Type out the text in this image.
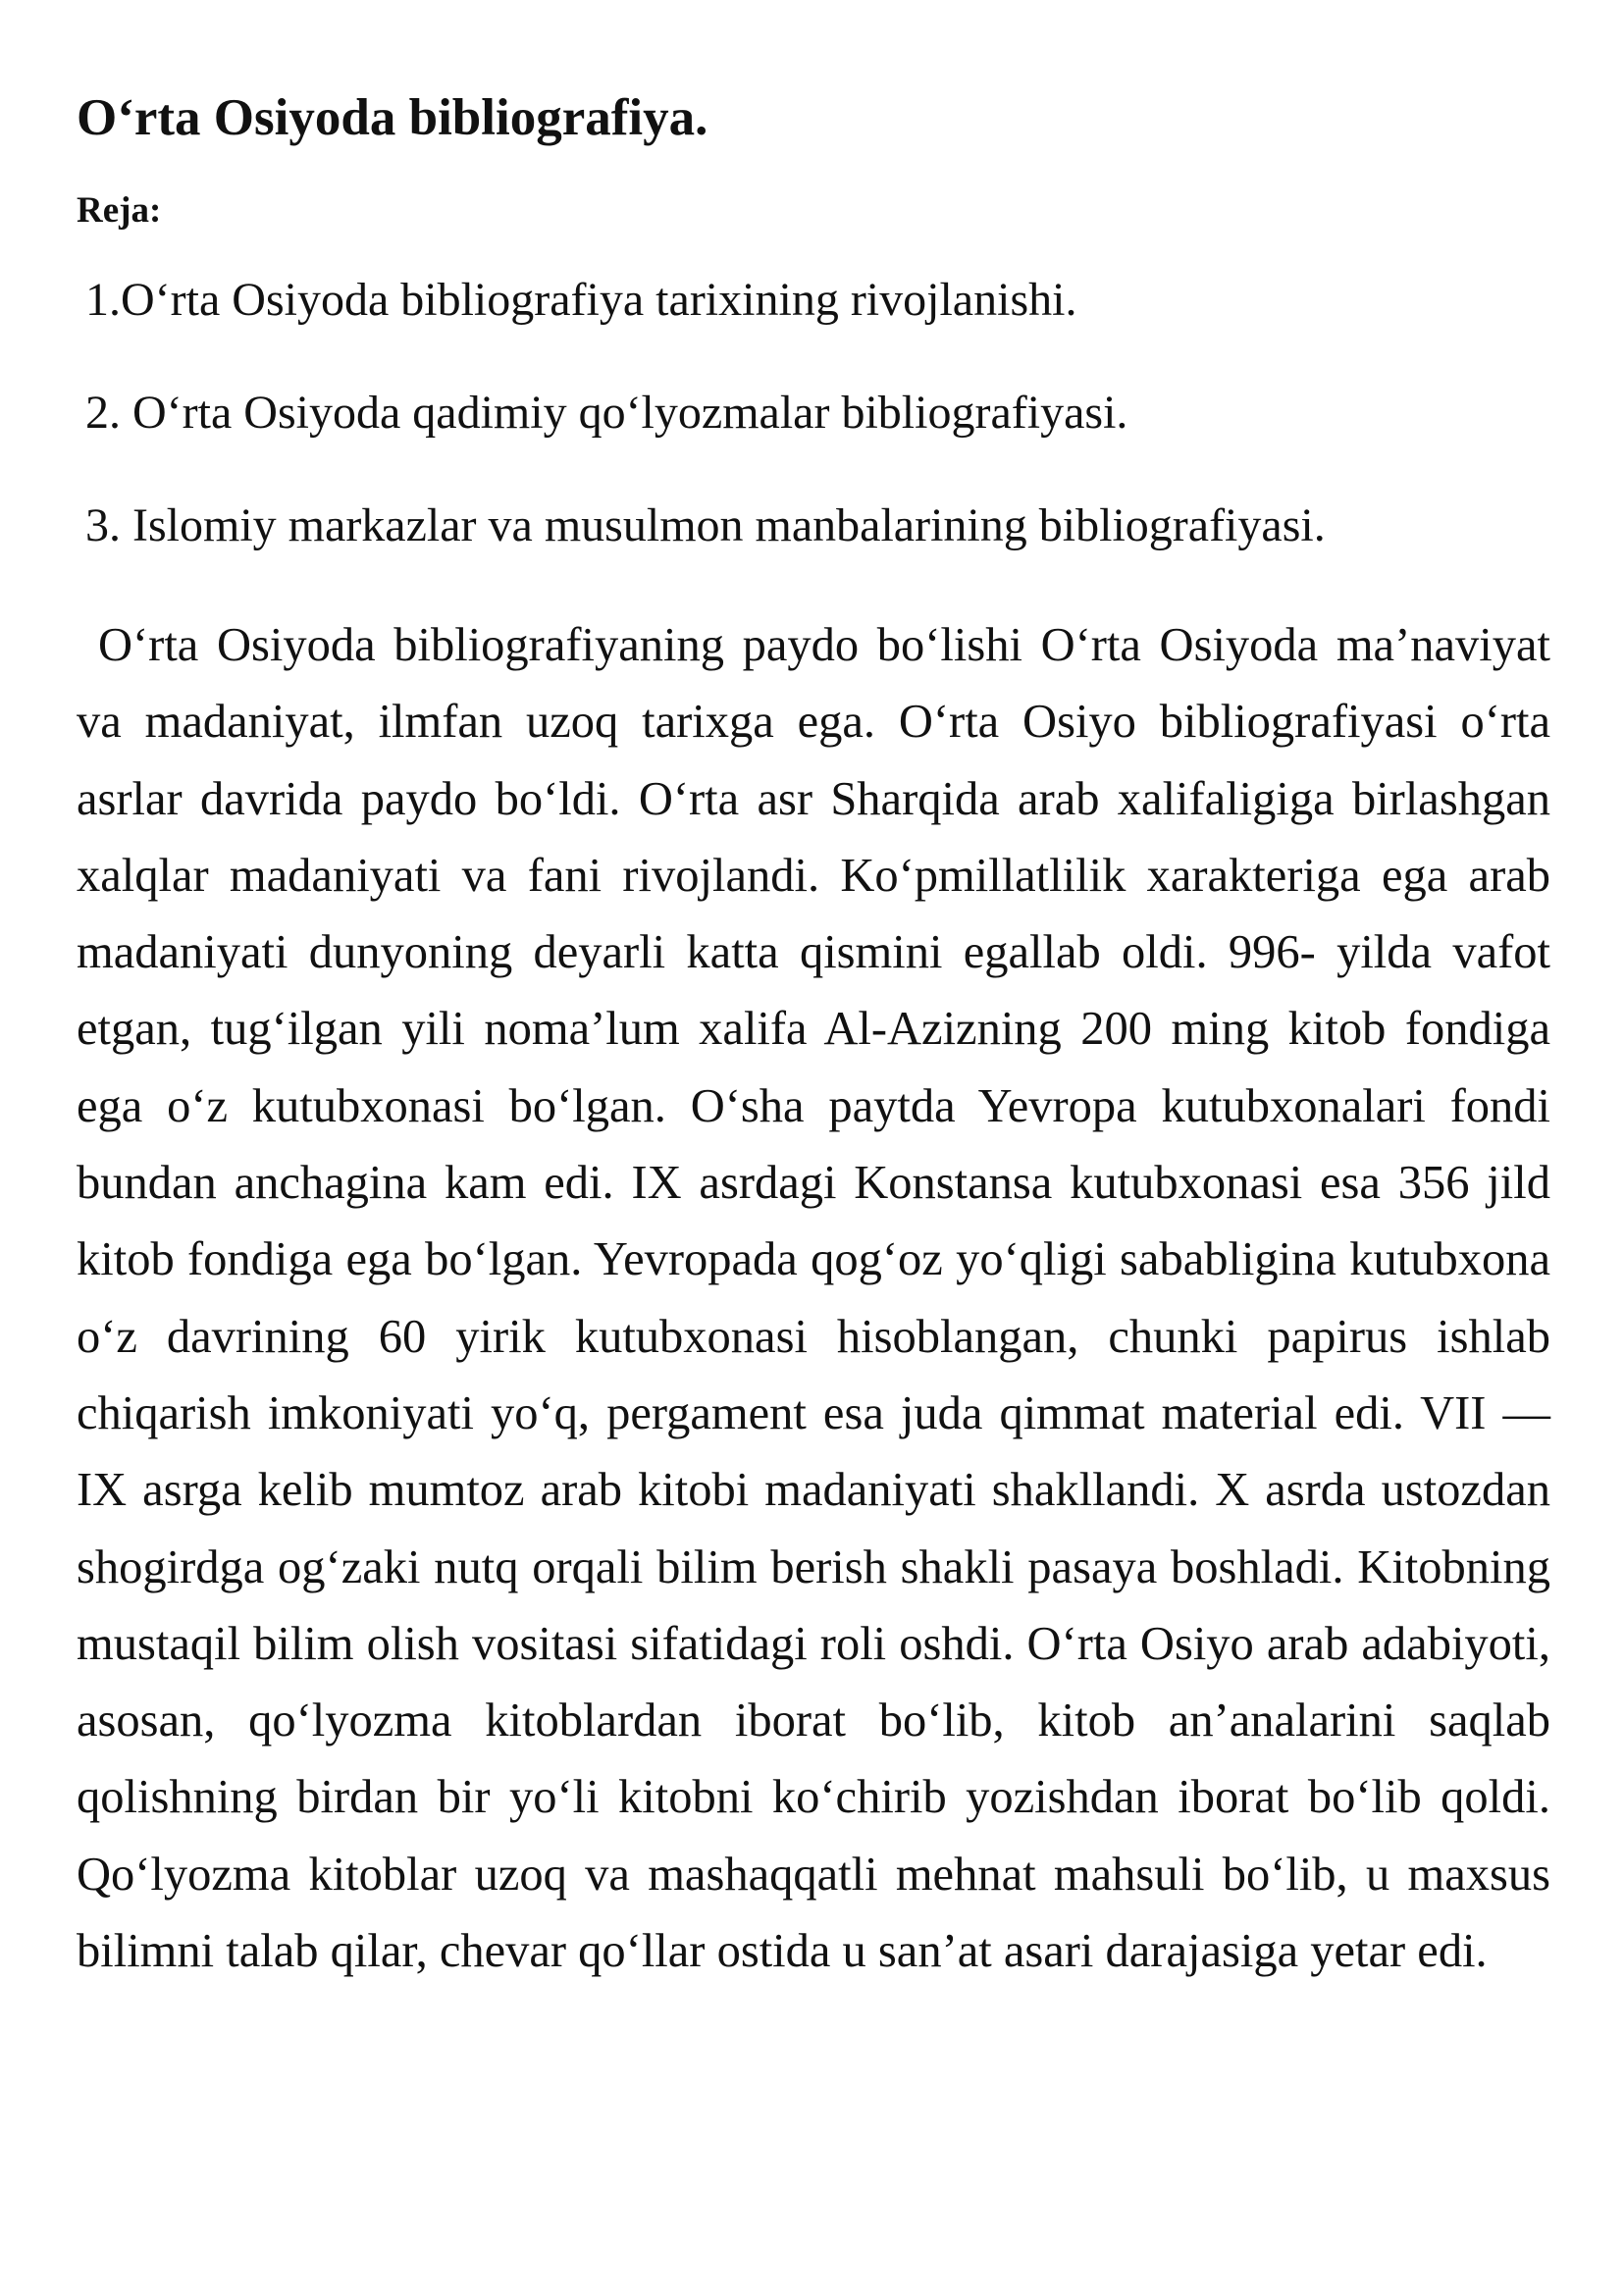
O‘rta Osiyoda bibliografiya.
Reja:
1.O‘rta Osiyoda bibliografiya tarixining rivojlanishi.
2. O‘rta Osiyoda qadimiy qo‘lyozmalar bibliografiyasi.
3. Islomiy markazlar va musulmon manbalarining bibliografiyasi.

O‘rta Osiyoda bibliografiyaning paydo bo‘lishi O‘rta Osiyoda ma’naviyat va madaniyat, ilmfan uzoq tarixga ega. O‘rta Osiyo bibliografiyasi o‘rta asrlar davrida paydo bo‘ldi. O‘rta asr Sharqida arab xalifaligiga birlashgan xalqlar madaniyati va fani rivojlandi. Ko‘pmillatlilik xarakteriga ega arab madaniyati dunyoning deyarli katta qismini egallab oldi. 996- yilda vafot etgan, tug‘ilgan yili noma’lum xalifa Al-Azizning 200 ming kitob fondiga ega o‘z kutubxonasi bo‘lgan. O‘sha paytda Yevropa kutubxonalari fondi bundan anchagina kam edi. IX asrdagi Konstansa kutubxonasi esa 356 jild kitob fondiga ega bo‘lgan. Yevropada qog‘oz yo‘qligi sababligina kutubxona o‘z davrining 60 yirik kutubxonasi hisoblangan, chunki papirus ishlab chiqarish imkoniyati yo‘q, pergament esa juda qimmat material edi. VII — IX asrga kelib mumtoz arab kitobi madaniyati shakllandi. X asrda ustozdan shogirdga og‘zaki nutq orqali bilim berish shakli pasaya boshladi. Kitobning mustaqil bilim olish vositasi sifatidagi roli oshdi. O‘rta Osiyo arab adabiyoti, asosan, qo‘lyozma kitoblardan iborat bo‘lib, kitob an’analarini saqlab qolishning birdan bir yo‘li kitobni ko‘chirib yozishdan iborat bo‘lib qoldi. Qo‘lyozma kitoblar uzoq va mashaqqatli mehnat mahsuli bo‘lib, u maxsus bilimni talab qilar, chevar qo‘llar ostida u san’at asari darajasiga yetar edi.
